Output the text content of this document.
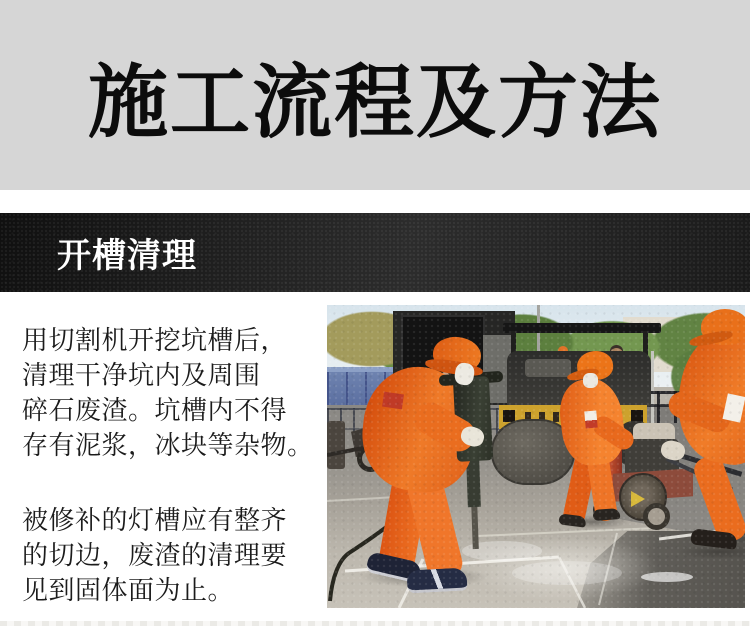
施工流程及方法
开槽清理

用切割机开挖坑槽后，
清理干净坑内及周围
碎石废渣。坑槽内不得
存有泥浆，冰块等杂物。

被修补的灯槽应有整齐
的切边，废渣的清理要
见到固体面为止。
